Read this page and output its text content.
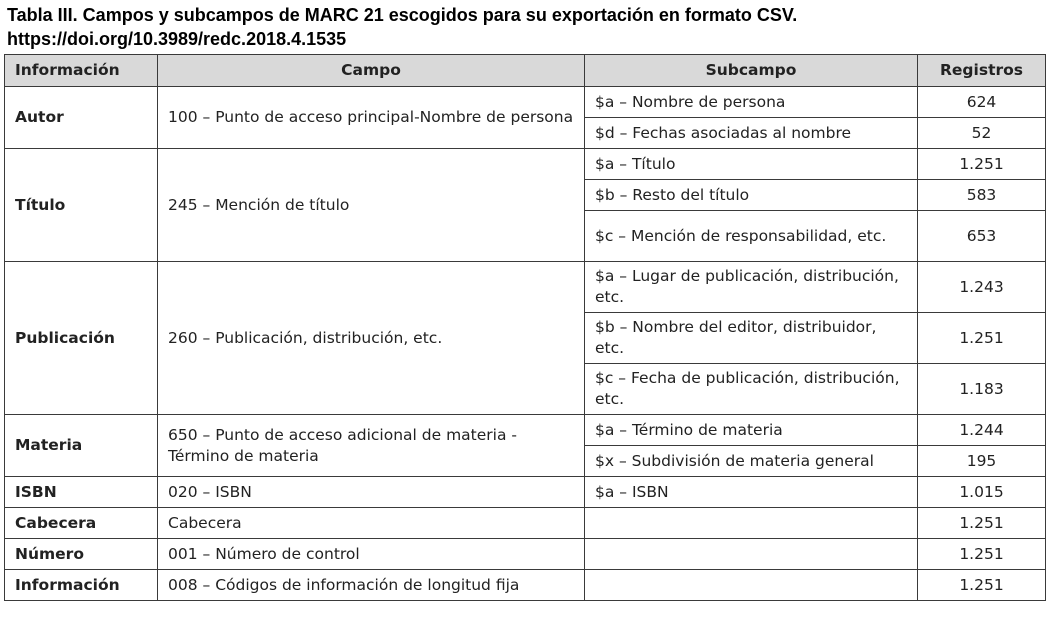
Tabla III. Campos y subcampos de MARC 21 escogidos para su exportación en formato CSV.
https://doi.org/10.3989/redc.2018.4.1535
Información	Campo	Subcampo	Registros
Autor	100 – Punto de acceso principal-Nombre de persona	$a – Nombre de persona	624
		$d – Fechas asociadas al nombre	52
Título	245 – Mención de título	$a – Título	1.251
		$b – Resto del título	583
		$c – Mención de responsabilidad, etc.	653
Publicación	260 – Publicación, distribución, etc.	$a – Lugar de publicación, distribución, etc.	1.243
		$b – Nombre del editor, distribuidor, etc.	1.251
		$c – Fecha de publicación, distribución, etc.	1.183
Materia	650 – Punto de acceso adicional de materia -Término de materia	$a – Término de materia	1.244
		$x – Subdivisión de materia general	195
ISBN	020 – ISBN	$a – ISBN	1.015
Cabecera	Cabecera		1.251
Número	001 – Número de control		1.251
Información	008 – Códigos de información de longitud fija		1.251
